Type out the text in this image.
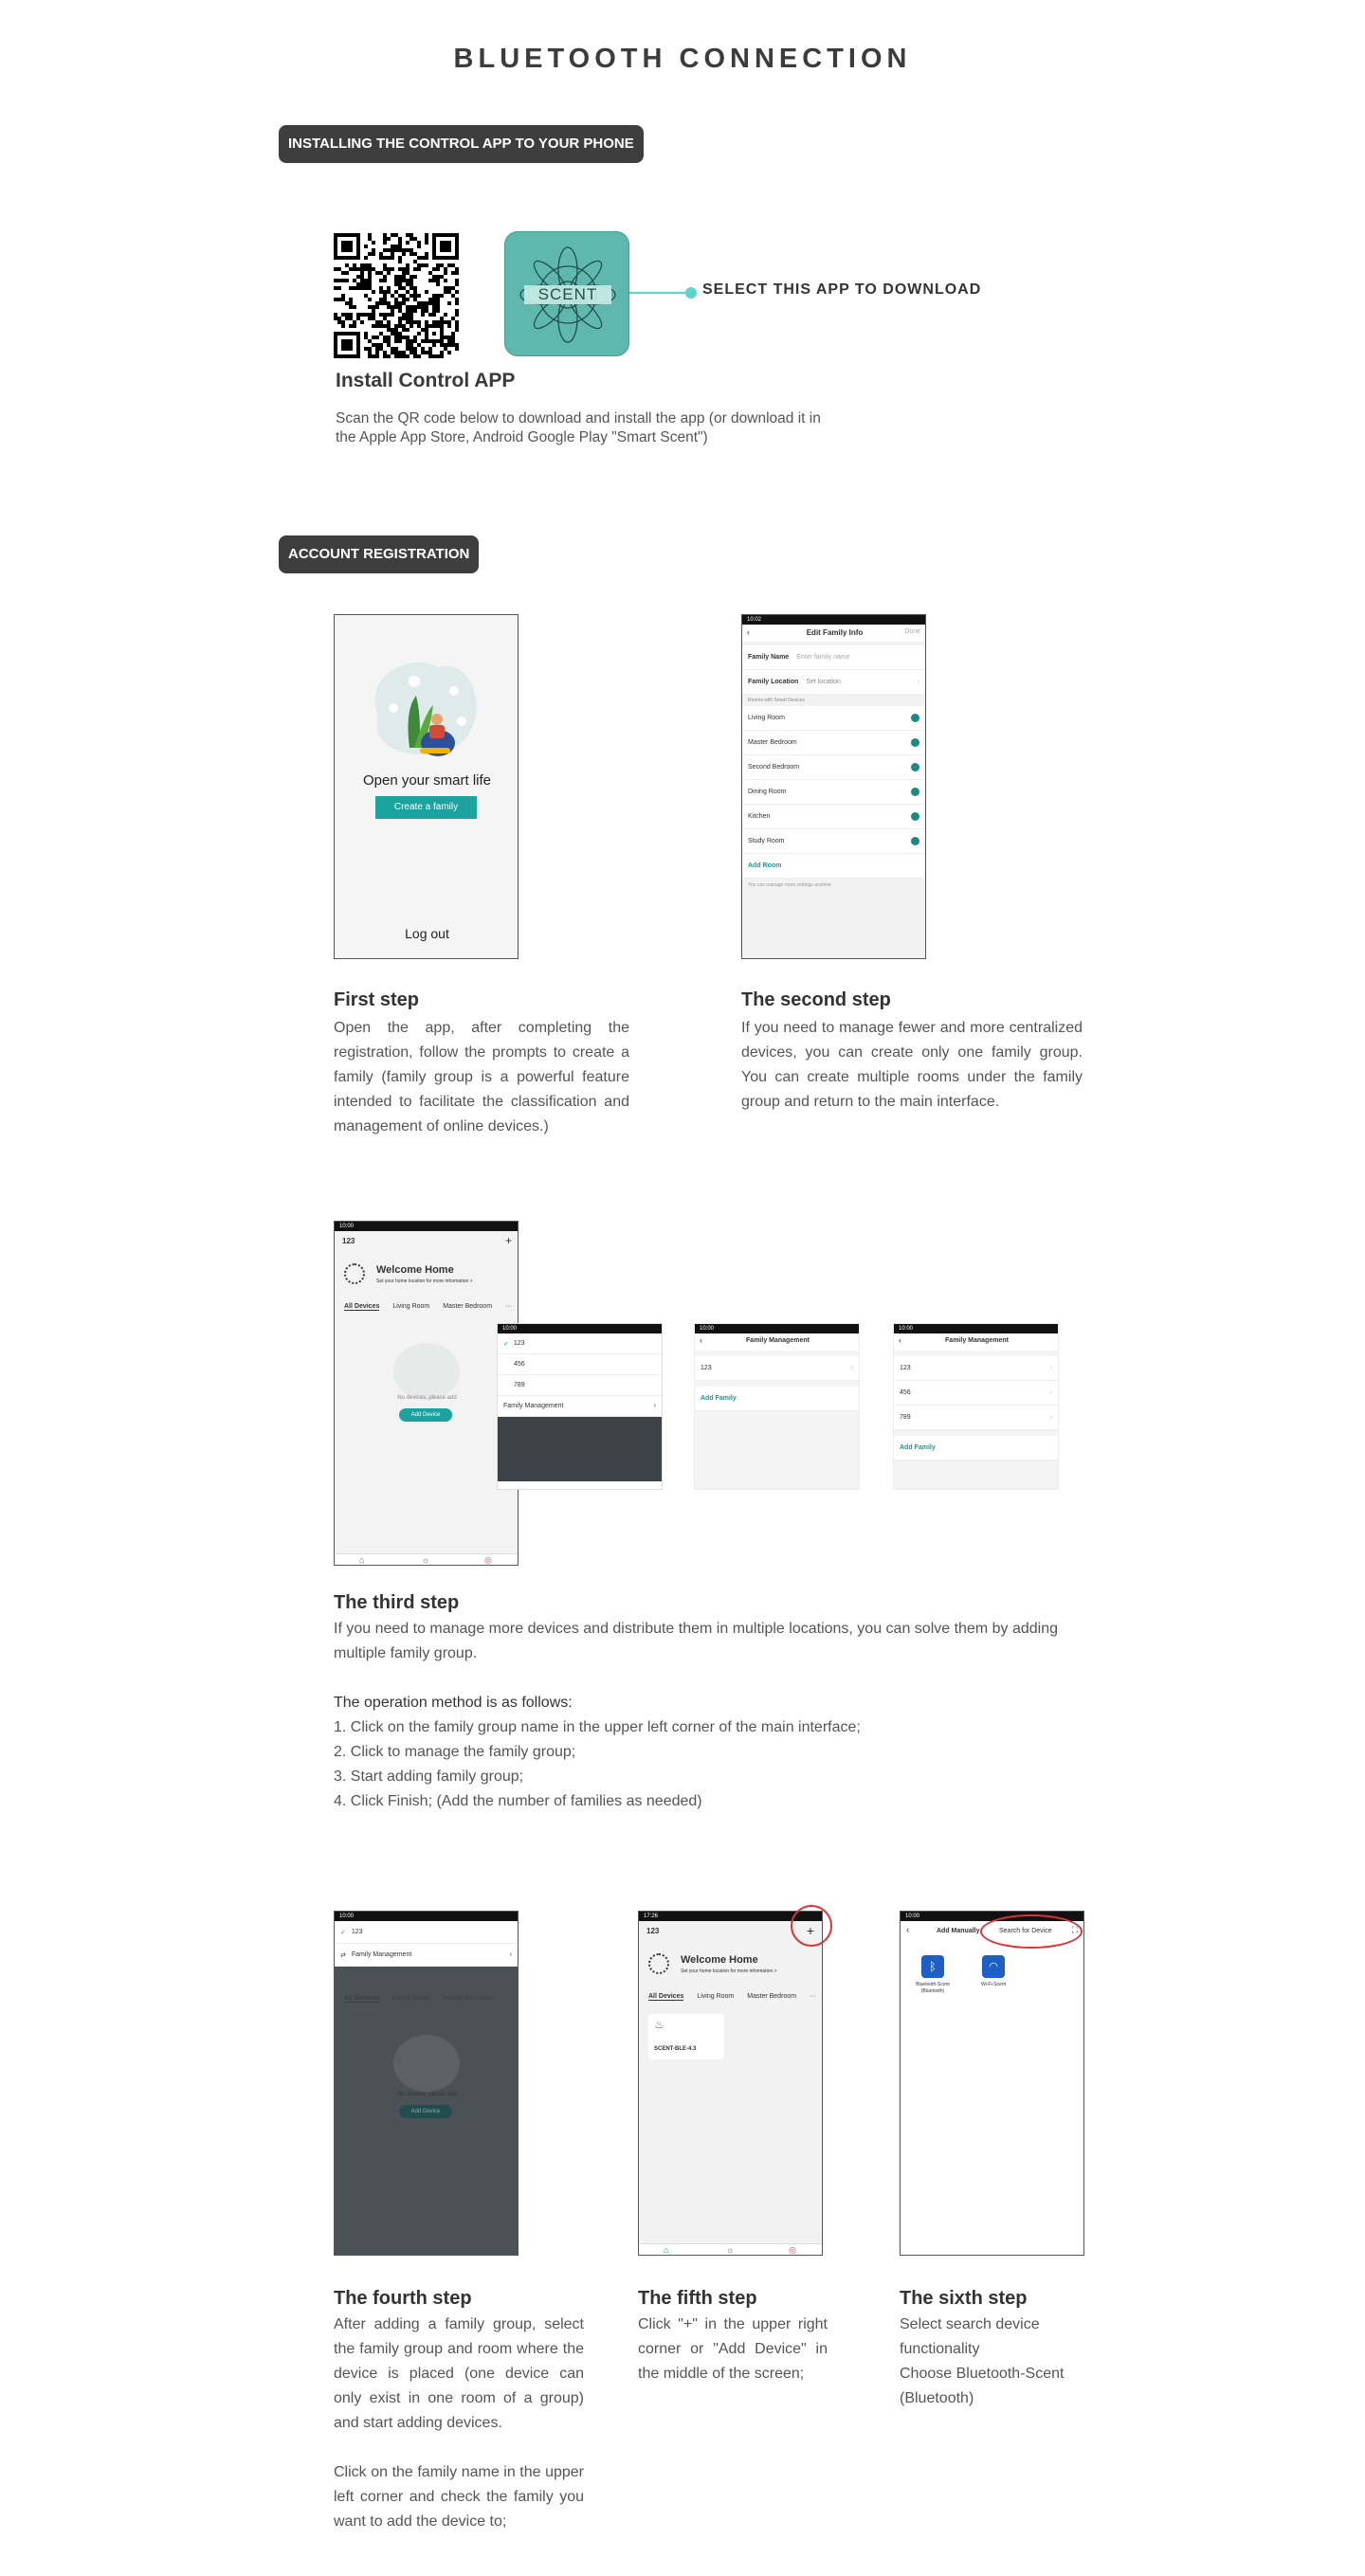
BLUETOOTH CONNECTION
INSTALLING THE CONTROL APP TO YOUR PHONE
SCENT	SELECT THIS APP TO DOWNLOAD
Install Control APP
Scan the QR code below to download and install the app (or download it in the Apple App Store, Android Google Play "Smart Scent")
ACCOUNT REGISTRATION
Open your smart life
Create a family
Log out
10:02
‹	Edit Family Info	Done
Family Name Enter family name
Family Location Set location	›
Rooms with Smart Devices
Living Room
Master Bedroom
Second Bedroom
Dining Room
Kitchen
Study Room
Add Room
You can manage room settings anytime.
First step
Open the app, after completing the registration, follow the prompts to create a family (family group is a powerful feature intended to facilitate the classification and management of online devices.)
The second step
If you need to manage fewer and more centralized devices, you can create only one family group. You can create multiple rooms under the family group and return to the main interface.
10:00
123	+
Welcome Home
Set your home location for more information >
All Devices Living Room Master Bedroom ···
No devices, please add
Add Device
⌂	☼	◎
10:00
✓ 123
456
789
Family Management	›
10:00
‹	Family Management
123	›
Add Family
10:00
‹	Family Management
123	›
456	›
789	›
Add Family
The third step
If you need to manage more devices and distribute them in multiple locations, you can solve them by adding multiple family group.
The operation method is as follows:
1. Click on the family group name in the upper left corner of the main interface;
2. Click to manage the family group;
3. Start adding family group;
4. Click Finish; (Add the number of families as needed)
10:00
✓ 123
⇄ Family Management	›
All Devices Living Room Master Bedroom ···
No devices, please add
Add Device
17:26
123	+
Welcome Home
Set your home location for more information >
All Devices Living Room Master Bedroom ···
♨
SCENT-BLE-4.3
⌂	☼	◎
10:00
‹	Add Manually	Search for Device ⛶
ᛒ
Bluetooth-Scent (Bluetooth)
◠
Wi-Fi-Scent
The fourth step
After adding a family group, select the family group and room where the device is placed (one device can only exist in one room of a group) and start adding devices.
Click on the family name in the upper left corner and check the family you want to add the device to;
The fifth step
Click "+" in the upper right corner or "Add Device" in the middle of the screen;
The sixth step
Select search device functionality
Choose Bluetooth-Scent (Bluetooth)
